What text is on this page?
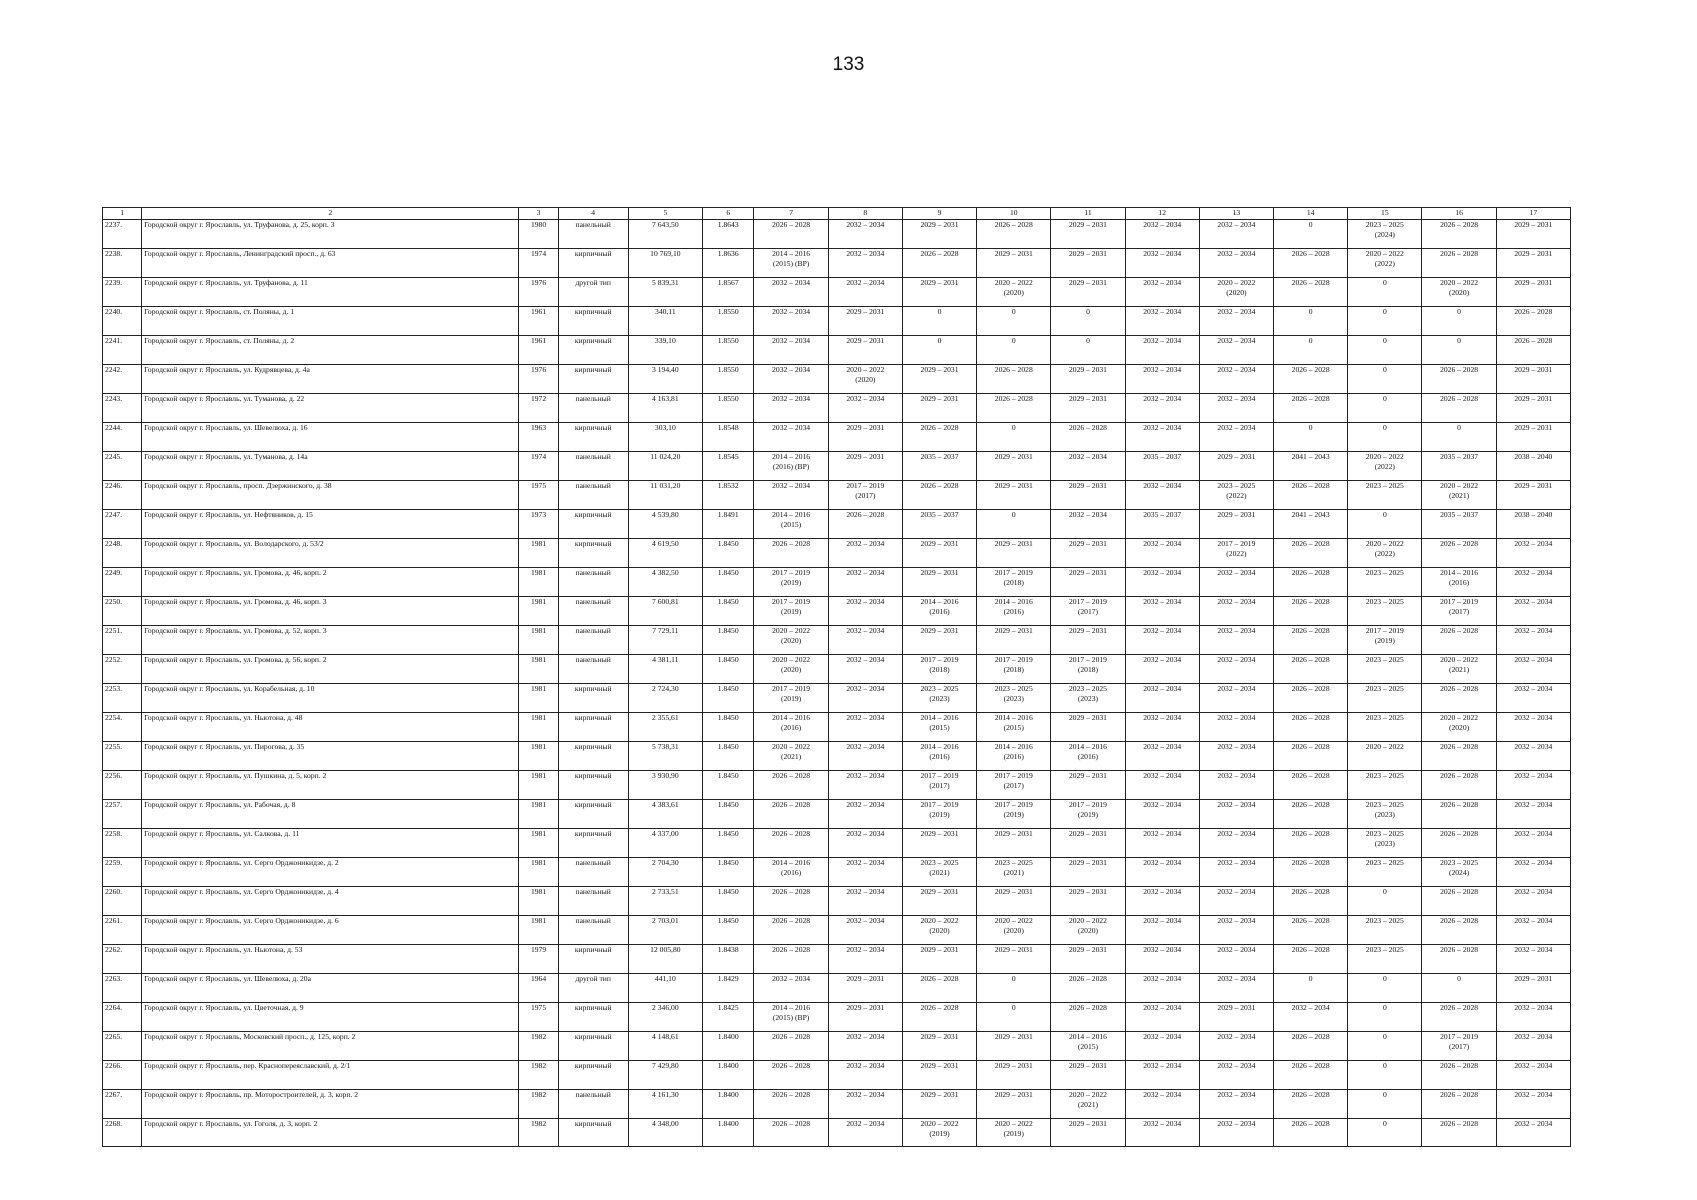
133
1	2	3	4	5	6	7	8	9	10	11	12	13	14	15	16	17
2237.	Городской округ г. Ярославль, ул. Труфанова, д. 25, корп. 3	1980	панельный	7 643,50	1.8643	2026 – 2028	2032 – 2034	2029 – 2031	2026 – 2028	2029 – 2031	2032 – 2034	2032 – 2034	0	2023 – 2025
(2024)	2026 – 2028	2029 – 2031
2238.	Городской округ г. Ярославль, Ленинградский просп., д. 63	1974	кирпичный	10 769,10	1.8636	2014 – 2016
(2015) (ВР)	2032 – 2034	2026 – 2028	2029 – 2031	2029 – 2031	2032 – 2034	2032 – 2034	2026 – 2028	2020 – 2022
(2022)	2026 – 2028	2029 – 2031
2239.	Городской округ г. Ярославль, ул. Труфанова, д. 11	1976	другой тип	5 839,31	1.8567	2032 – 2034	2032 – 2034	2029 – 2031	2020 – 2022
(2020)	2029 – 2031	2032 – 2034	2020 – 2022
(2020)	2026 – 2028	0	2020 – 2022
(2020)	2029 – 2031
2240.	Городской округ г. Ярославль, ст. Поляны, д. 1	1961	кирпичный	340,11	1.8550	2032 – 2034	2029 – 2031	0	0	0	2032 – 2034	2032 – 2034	0	0	0	2026 – 2028
2241.	Городской округ г. Ярославль, ст. Поляны, д. 2	1961	кирпичный	339,10	1.8550	2032 – 2034	2029 – 2031	0	0	0	2032 – 2034	2032 – 2034	0	0	0	2026 – 2028
2242.	Городской округ г. Ярославль, ул. Кудрявцева, д. 4а	1976	кирпичный	3 194,40	1.8550	2032 – 2034	2020 – 2022
(2020)	2029 – 2031	2026 – 2028	2029 – 2031	2032 – 2034	2032 – 2034	2026 – 2028	0	2026 – 2028	2029 – 2031
2243.	Городской округ г. Ярославль, ул. Туманова, д. 22	1972	панельный	4 163,81	1.8550	2032 – 2034	2032 – 2034	2029 – 2031	2026 – 2028	2029 – 2031	2032 – 2034	2032 – 2034	2026 – 2028	0	2026 – 2028	2029 – 2031
2244.	Городской округ г. Ярославль, ул. Шевелюха, д. 16	1963	кирпичный	303,10	1.8548	2032 – 2034	2029 – 2031	2026 – 2028	0	2026 – 2028	2032 – 2034	2032 – 2034	0	0	0	2029 – 2031
2245.	Городской округ г. Ярославль, ул. Туманова, д. 14а	1974	панельный	11 024,20	1.8545	2014 – 2016
(2016) (ВР)	2029 – 2031	2035 – 2037	2029 – 2031	2032 – 2034	2035 – 2037	2029 – 2031	2041 – 2043	2020 – 2022
(2022)	2035 – 2037	2038 – 2040
2246.	Городской округ г. Ярославль, просп. Дзержинского, д. 38	1975	панельный	11 031,20	1.8532	2032 – 2034	2017 – 2019
(2017)	2026 – 2028	2029 – 2031	2029 – 2031	2032 – 2034	2023 – 2025
(2022)	2026 – 2028	2023 – 2025	2020 – 2022
(2021)	2029 – 2031
2247.	Городской округ г. Ярославль, ул. Нефтяников, д. 15	1973	кирпичный	4 539,80	1.8491	2014 – 2016
(2015)	2026 – 2028	2035 – 2037	0	2032 – 2034	2035 – 2037	2029 – 2031	2041 – 2043	0	2035 – 2037	2038 – 2040
2248.	Городской округ г. Ярославль, ул. Володарского, д. 53/2	1981	кирпичный	4 619,50	1.8450	2026 – 2028	2032 – 2034	2029 – 2031	2029 – 2031	2029 – 2031	2032 – 2034	2017 – 2019
(2022)	2026 – 2028	2020 – 2022
(2022)	2026 – 2028	2032 – 2034
2249.	Городской округ г. Ярославль, ул. Громова, д. 46, корп. 2	1981	панельный	4 382,50	1.8450	2017 – 2019
(2019)	2032 – 2034	2029 – 2031	2017 – 2019
(2018)	2029 – 2031	2032 – 2034	2032 – 2034	2026 – 2028	2023 – 2025	2014 – 2016
(2016)	2032 – 2034
2250.	Городской округ г. Ярославль, ул. Громова, д. 46, корп. 3	1981	панельный	7 600,81	1.8450	2017 – 2019
(2019)	2032 – 2034	2014 – 2016
(2016)	2014 – 2016
(2016)	2017 – 2019
(2017)	2032 – 2034	2032 – 2034	2026 – 2028	2023 – 2025	2017 – 2019
(2017)	2032 – 2034
2251.	Городской округ г. Ярославль, ул. Громова, д. 52, корп. 3	1981	панельный	7 729,11	1.8450	2020 – 2022
(2020)	2032 – 2034	2029 – 2031	2029 – 2031	2029 – 2031	2032 – 2034	2032 – 2034	2026 – 2028	2017 – 2019
(2019)	2026 – 2028	2032 – 2034
2252.	Городской округ г. Ярославль, ул. Громова, д. 56, корп. 2	1981	панельный	4 381,11	1.8450	2020 – 2022
(2020)	2032 – 2034	2017 – 2019
(2018)	2017 – 2019
(2018)	2017 – 2019
(2018)	2032 – 2034	2032 – 2034	2026 – 2028	2023 – 2025	2020 – 2022
(2021)	2032 – 2034
2253.	Городской округ г. Ярославль, ул. Корабельная, д. 10	1981	кирпичный	2 724,30	1.8450	2017 – 2019
(2019)	2032 – 2034	2023 – 2025
(2023)	2023 – 2025
(2023)	2023 – 2025
(2023)	2032 – 2034	2032 – 2034	2026 – 2028	2023 – 2025	2026 – 2028	2032 – 2034
2254.	Городской округ г. Ярославль, ул. Ньютона, д. 48	1981	кирпичный	2 355,61	1.8450	2014 – 2016
(2016)	2032 – 2034	2014 – 2016
(2015)	2014 – 2016
(2015)	2029 – 2031	2032 – 2034	2032 – 2034	2026 – 2028	2023 – 2025	2020 – 2022
(2020)	2032 – 2034
2255.	Городской округ г. Ярославль, ул. Пирогова, д. 35	1981	кирпичный	5 738,31	1.8450	2020 – 2022
(2021)	2032 – 2034	2014 – 2016
(2016)	2014 – 2016
(2016)	2014 – 2016
(2016)	2032 – 2034	2032 – 2034	2026 – 2028	2020 – 2022	2026 – 2028	2032 – 2034
2256.	Городской округ г. Ярославль, ул. Пушкина, д. 5, корп. 2	1981	кирпичный	3 930,90	1.8450	2026 – 2028	2032 – 2034	2017 – 2019
(2017)	2017 – 2019
(2017)	2029 – 2031	2032 – 2034	2032 – 2034	2026 – 2028	2023 – 2025	2026 – 2028	2032 – 2034
2257.	Городской округ г. Ярославль, ул. Рабочая, д. 8	1981	кирпичный	4 383,61	1.8450	2026 – 2028	2032 – 2034	2017 – 2019
(2019)	2017 – 2019
(2019)	2017 – 2019
(2019)	2032 – 2034	2032 – 2034	2026 – 2028	2023 – 2025
(2023)	2026 – 2028	2032 – 2034
2258.	Городской округ г. Ярославль, ул. Салкова, д. 11	1981	кирпичный	4 337,00	1.8450	2026 – 2028	2032 – 2034	2029 – 2031	2029 – 2031	2029 – 2031	2032 – 2034	2032 – 2034	2026 – 2028	2023 – 2025
(2023)	2026 – 2028	2032 – 2034
2259.	Городской округ г. Ярославль, ул. Серго Орджоникидзе, д. 2	1981	панельный	2 704,30	1.8450	2014 – 2016
(2016)	2032 – 2034	2023 – 2025
(2021)	2023 – 2025
(2021)	2029 – 2031	2032 – 2034	2032 – 2034	2026 – 2028	2023 – 2025	2023 – 2025
(2024)	2032 – 2034
2260.	Городской округ г. Ярославль, ул. Серго Орджоникидзе, д. 4	1981	панельный	2 733,51	1.8450	2026 – 2028	2032 – 2034	2029 – 2031	2029 – 2031	2029 – 2031	2032 – 2034	2032 – 2034	2026 – 2028	0	2026 – 2028	2032 – 2034
2261.	Городской округ г. Ярославль, ул. Серго Орджоникидзе, д. 6	1981	панельный	2 703,01	1.8450	2026 – 2028	2032 – 2034	2020 – 2022
(2020)	2020 – 2022
(2020)	2020 – 2022
(2020)	2032 – 2034	2032 – 2034	2026 – 2028	2023 – 2025	2026 – 2028	2032 – 2034
2262.	Городской округ г. Ярославль, ул. Ньютона, д. 53	1979	кирпичный	12 005,80	1.8438	2026 – 2028	2032 – 2034	2029 – 2031	2029 – 2031	2029 – 2031	2032 – 2034	2032 – 2034	2026 – 2028	2023 – 2025	2026 – 2028	2032 – 2034
2263.	Городской округ г. Ярославль, ул. Шевелюха, д. 20а	1964	другой тип	441,10	1.8429	2032 – 2034	2029 – 2031	2026 – 2028	0	2026 – 2028	2032 – 2034	2032 – 2034	0	0	0	2029 – 2031
2264.	Городской округ г. Ярославль, ул. Цветочная, д. 9	1975	кирпичный	2 346,00	1.8425	2014 – 2016
(2015) (ВР)	2029 – 2031	2026 – 2028	0	2026 – 2028	2032 – 2034	2029 – 2031	2032 – 2034	0	2026 – 2028	2032 – 2034
2265.	Городской округ г. Ярославль, Московский просп., д. 125, корп. 2	1982	кирпичный	4 148,61	1.8400	2026 – 2028	2032 – 2034	2029 – 2031	2029 – 2031	2014 – 2016
(2015)	2032 – 2034	2032 – 2034	2026 – 2028	0	2017 – 2019
(2017)	2032 – 2034
2266.	Городской округ г. Ярославль, пер. Краснопереяславский, д. 2/1	1982	кирпичный	7 429,80	1.8400	2026 – 2028	2032 – 2034	2029 – 2031	2029 – 2031	2029 – 2031	2032 – 2034	2032 – 2034	2026 – 2028	0	2026 – 2028	2032 – 2034
2267.	Городской округ г. Ярославль, пр. Моторостроителей, д. 3, корп. 2	1982	панельный	4 161,30	1.8400	2026 – 2028	2032 – 2034	2029 – 2031	2029 – 2031	2020 – 2022
(2021)	2032 – 2034	2032 – 2034	2026 – 2028	0	2026 – 2028	2032 – 2034
2268.	Городской округ г. Ярославль, ул. Гоголя, д. 3, корп. 2	1982	кирпичный	4 348,00	1.8400	2026 – 2028	2032 – 2034	2020 – 2022
(2019)	2020 – 2022
(2019)	2029 – 2031	2032 – 2034	2032 – 2034	2026 – 2028	0	2026 – 2028	2032 – 2034
